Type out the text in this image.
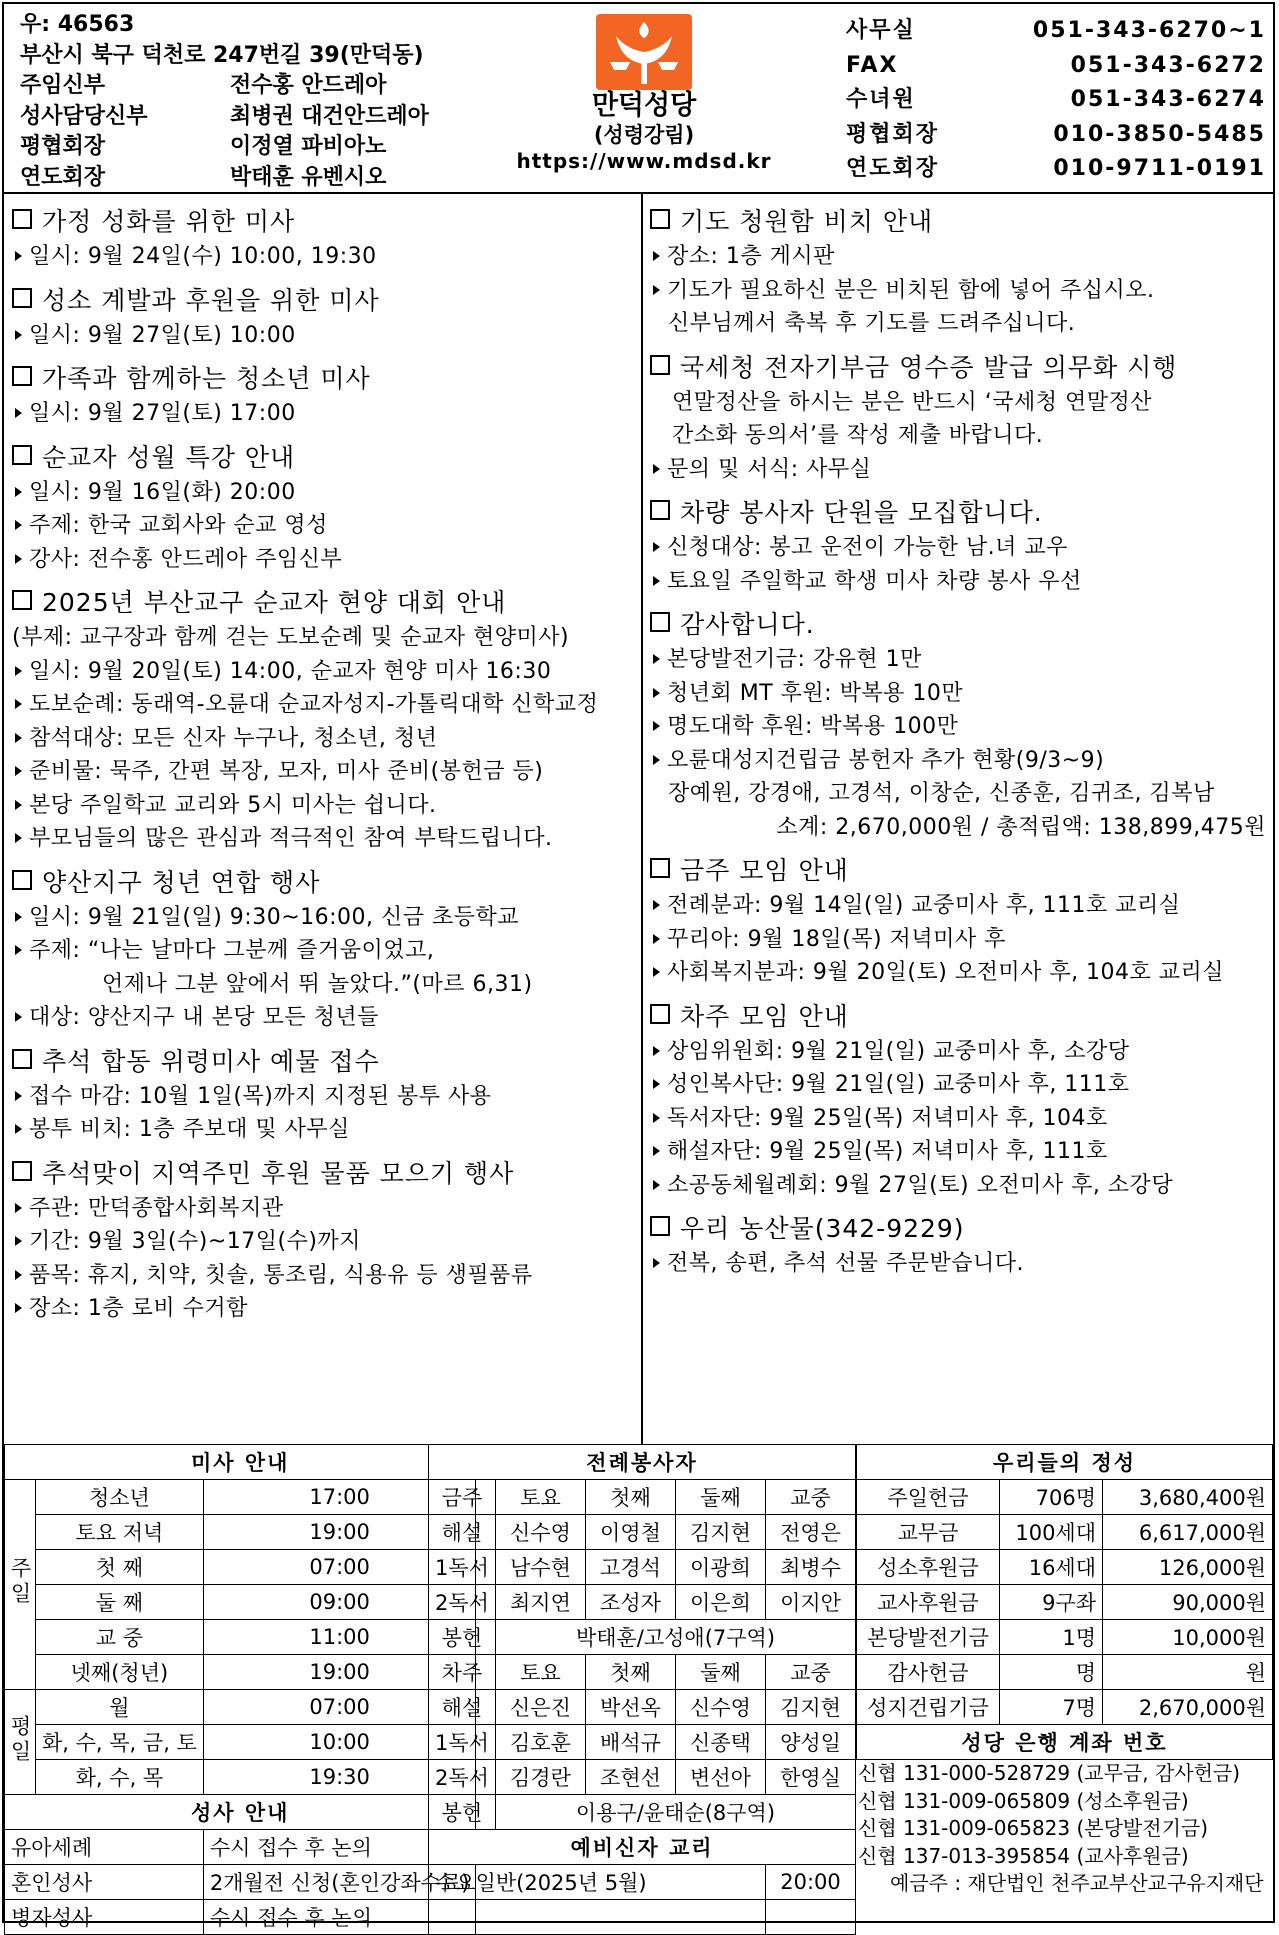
우: 46563
부산시 북구 덕천로 247번길 39(만덕동)
주임신부	전수홍 안드레아
성사담당신부	최병권 대건안드레아
평협회장	이정열 파비아노
연도회장	박태훈 유벤시오
만덕성당
(성령강림)
https://www.mdsd.kr
사무실	051-343-6270~1
FAX	051-343-6272
수녀원	051-343-6274
평협회장	010-3850-5485
연도회장	010-9711-0191
가정 성화를 위한 미사
일시: 9월 24일(수) 10:00, 19:30
성소 계발과 후원을 위한 미사
일시: 9월 27일(토) 10:00
가족과 함께하는 청소년 미사
일시: 9월 27일(토) 17:00
순교자 성월 특강 안내
일시: 9월 16일(화) 20:00
주제: 한국 교회사와 순교 영성
강사: 전수홍 안드레아 주임신부
2025년 부산교구 순교자 현양 대회 안내
(부제: 교구장과 함께 걷는 도보순례 및 순교자 현양미사)
일시: 9월 20일(토) 14:00, 순교자 현양 미사 16:30
도보순례: 동래역-오륜대 순교자성지-가톨릭대학 신학교정
참석대상: 모든 신자 누구나, 청소년, 청년
준비물: 묵주, 간편 복장, 모자, 미사 준비(봉헌금 등)
본당 주일학교 교리와 5시 미사는 쉽니다.
부모님들의 많은 관심과 적극적인 참여 부탁드립니다.
양산지구 청년 연합 행사
일시: 9월 21일(일) 9:30~16:00, 신금 초등학교
주제: “나는 날마다 그분께 즐거움이었고,
언제나 그분 앞에서 뛰 놀았다.”(마르 6,31)
대상: 양산지구 내 본당 모든 청년들
추석 합동 위령미사 예물 접수
접수 마감: 10월 1일(목)까지 지정된 봉투 사용
봉투 비치: 1층 주보대 및 사무실
추석맞이 지역주민 후원 물품 모으기 행사
주관: 만덕종합사회복지관
기간: 9월 3일(수)~17일(수)까지
품목: 휴지, 치약, 칫솔, 통조림, 식용유 등 생필품류
장소: 1층 로비 수거함
기도 청원함 비치 안내
장소: 1층 게시판
기도가 필요하신 분은 비치된 함에 넣어 주십시오.
신부님께서 축복 후 기도를 드려주십니다.
국세청 전자기부금 영수증 발급 의무화 시행
연말정산을 하시는 분은 반드시 ‘국세청 연말정산
간소화 동의서’를 작성 제출 바랍니다.
문의 및 서식: 사무실
차량 봉사자 단원을 모집합니다.
신청대상: 봉고 운전이 가능한 남.녀 교우
토요일 주일학교 학생 미사 차량 봉사 우선
감사합니다.
본당발전기금: 강유현 1만
청년회 MT 후원: 박복용 10만
명도대학 후원: 박복용 100만
오륜대성지건립금 봉헌자 추가 현황(9/3~9)
장예원, 강경애, 고경석, 이창순, 신종훈, 김귀조, 김복남
소계: 2,670,000원 / 총적립액: 138,899,475원
금주 모임 안내
전례분과: 9월 14일(일) 교중미사 후, 111호 교리실
꾸리아: 9월 18일(목) 저녁미사 후
사회복지분과: 9월 20일(토) 오전미사 후, 104호 교리실
차주 모임 안내
상임위원회: 9월 21일(일) 교중미사 후, 소강당
성인복사단: 9월 21일(일) 교중미사 후, 111호
독서자단: 9월 25일(목) 저녁미사 후, 104호
해설자단: 9월 25일(목) 저녁미사 후, 111호
소공동체월례회: 9월 27일(토) 오전미사 후, 소강당
우리 농산물(342-9229)
전복, 송편, 추석 선물 주문받습니다.
미사 안내		
주일	청소년	17:00
	토요 저녁	19:00
	첫 째	07:00
	둘 째	09:00
	교 중	11:00
	넷째(청년)	19:00
평일	월	07:00
	화, 수, 목, 금, 토	10:00
	화, 수, 목	19:30
성사 안내		
유아세례		수시 접수 후 논의
혼인성사		2개월전 신청(혼인강좌수료)
병자성사		수시 접수 후 논의
전례봉사자				
금주	토요	첫째	둘째	교중
해설	신수영	이영철	김지현	전영은
1독서	남수현	고경석	이광희	최병수
2독서	최지연	조성자	이은희	이지안
봉헌	박태훈/고성애(7구역)			
차주	토요	첫째	둘째	교중
해설	신은진	박선옥	신수영	김지현
1독서	김호훈	배석규	신종택	양성일
2독서	김경란	조현선	변선아	한영실
봉헌	이용구/윤태순(8구역)			
예비신자 교리				
수요일반(2025년 5월)				20:00

우리들의 정성		
주일헌금	706명	3,680,400원
교무금	100세대	6,617,000원
성소후원금	16세대	126,000원
교사후원금	9구좌	90,000원
본당발전기금	1명	10,000원
감사헌금	명	원
성지건립기금	7명	2,670,000원
성당 은행 계좌 번호		
신협 131-000-528729 (교무금, 감사헌금)
신협 131-009-065809 (성소후원금)
신협 131-009-065823 (본당발전기금)
신협 137-013-395854 (교사후원금)
예금주 : 재단법인 천주교부산교구유지재단
